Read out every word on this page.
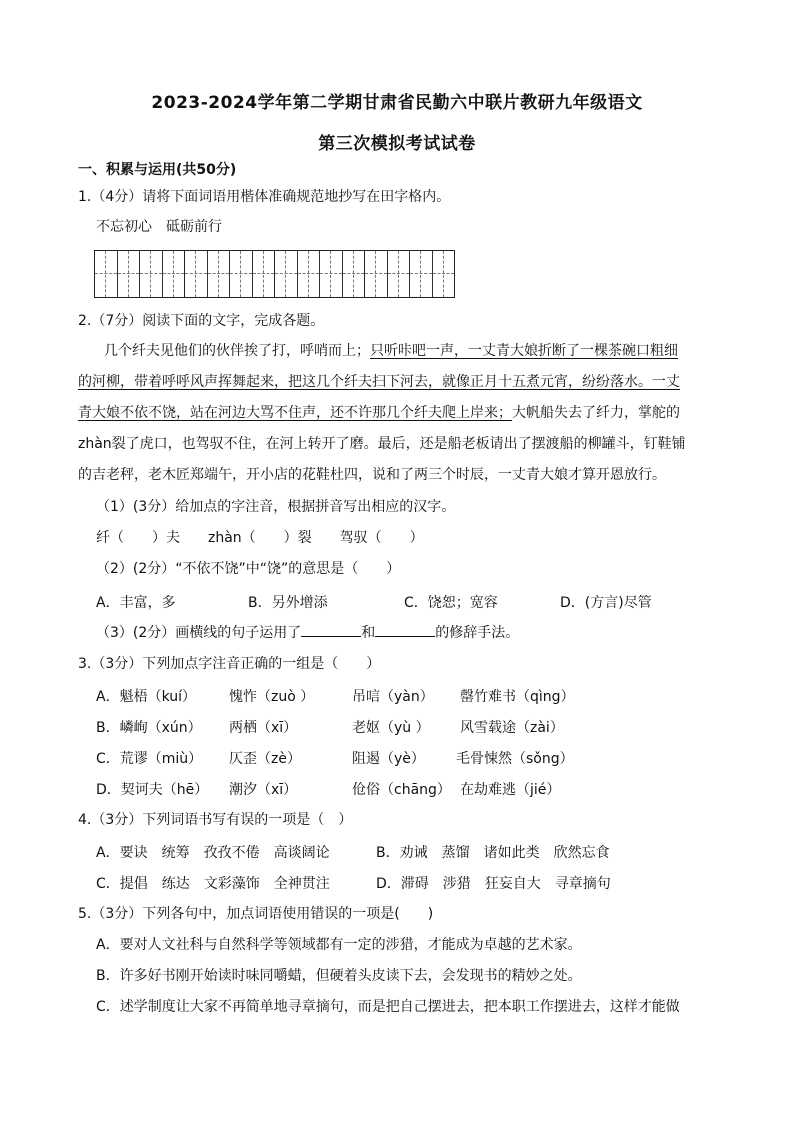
2023-2024学年第二学期甘肃省民勤六中联片教研九年级语文
第三次模拟考试试卷
一、积累与运用(共50分)
1.（4分）请将下面词语用楷体准确规范地抄写在田字格内。
不忘初心　砥砺前行
2.（7分）阅读下面的文字，完成各题。
几个纤夫见他们的伙伴挨了打，呼哨而上；只听咔吧一声，一丈青大娘折断了一棵茶碗口粗细
的河柳，带着呼呼风声挥舞起来，把这几个纤夫扫下河去，就像正月十五煮元宵，纷纷落水。一丈
青大娘不依不饶，站在河边大骂不住声，还不许那几个纤夫爬上岸来；大帆船失去了纤力，掌舵的
zhàn裂了虎口，也驾驭不住，在河上转开了磨。最后，还是船老板请出了摆渡船的柳罐斗，钉鞋铺
的吉老秤，老木匠郑端午，开小店的花鞋杜四，说和了两三个时辰，一丈青大娘才算开恩放行。
（1）(3分）给加点的字注音，根据拼音写出相应的汉字。
纤（　　）夫　　zhàn（　　）裂　　驾驭（　　）
（2）(2分）“不依不饶”中“饶”的意思是（　　）
A．丰富，多	B．另外增添	C．饶恕；宽容	D．(方言)尽管
（3）(2分）画横线的句子运用了	和	的修辞手法。
3.（3分）下列加点字注音正确的一组是（　　）
A．魁梧（kuí） 愧怍（zuò ）	吊唁（yàn） 罄竹难书（qìng）
B．嶙峋（xún） 两栖（xī）	老妪（yù ） 风雪载途（zài）
C．荒谬（miù） 仄歪（zè）	阻遏（yè） 毛骨悚然（sǒng）
D．契诃夫（hē） 潮汐（xī）	伧俗（chāng） 在劫难逃（jié）
4.（3分）下列词语书写有误的一项是（　）
A．要诀　统筹　孜孜不倦　高谈阔论	B．劝诫　蒸馏　诸如此类　欣然忘食
C．提倡　练达　文彩藻饰　全神贯注	D．滞碍　涉猎　狂妄自大　寻章摘句
5.（3分）下列各句中，加点词语使用错误的一项是(　　)
A．要对人文社科与自然科学等领域都有一定的涉猎，才能成为卓越的艺术家。
B．许多好书刚开始读时味同嚼蜡，但硬着头皮读下去，会发现书的精妙之处。
C．述学制度让大家不再简单地寻章摘句，而是把自己摆进去，把本职工作摆进去，这样才能做
